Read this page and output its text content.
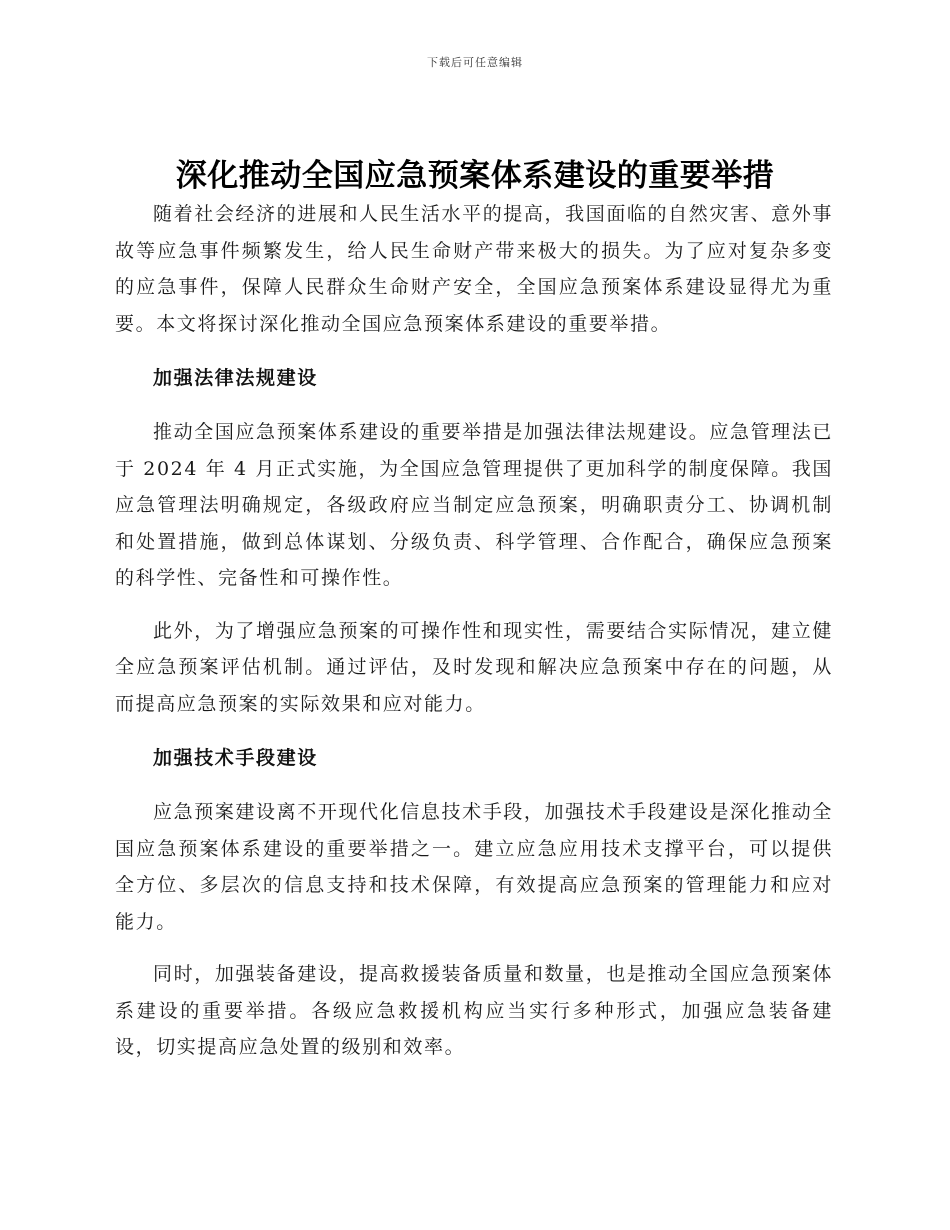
下载后可任意编辑
深化推动全国应急预案体系建设的重要举措

随着社会经济的进展和人民生活水平的提高，我国面临的自然灾害、意外事故等应急事件频繁发生，给人民生命财产带来极大的损失。为了应对复杂多变的应急事件，保障人民群众生命财产安全，全国应急预案体系建设显得尤为重要。本文将探讨深化推动全国应急预案体系建设的重要举措。

加强法律法规建设

推动全国应急预案体系建设的重要举措是加强法律法规建设。应急管理法已于 2024 年 4 月正式实施，为全国应急管理提供了更加科学的制度保障。我国应急管理法明确规定，各级政府应当制定应急预案，明确职责分工、协调机制和处置措施，做到总体谋划、分级负责、科学管理、合作配合，确保应急预案的科学性、完备性和可操作性。

此外，为了增强应急预案的可操作性和现实性，需要结合实际情况，建立健全应急预案评估机制。通过评估，及时发现和解决应急预案中存在的问题，从而提高应急预案的实际效果和应对能力。

加强技术手段建设

应急预案建设离不开现代化信息技术手段，加强技术手段建设是深化推动全国应急预案体系建设的重要举措之一。建立应急应用技术支撑平台，可以提供全方位、多层次的信息支持和技术保障，有效提高应急预案的管理能力和应对能力。

同时，加强装备建设，提高救援装备质量和数量，也是推动全国应急预案体系建设的重要举措。各级应急救援机构应当实行多种形式，加强应急装备建设，切实提高应急处置的级别和效率。
